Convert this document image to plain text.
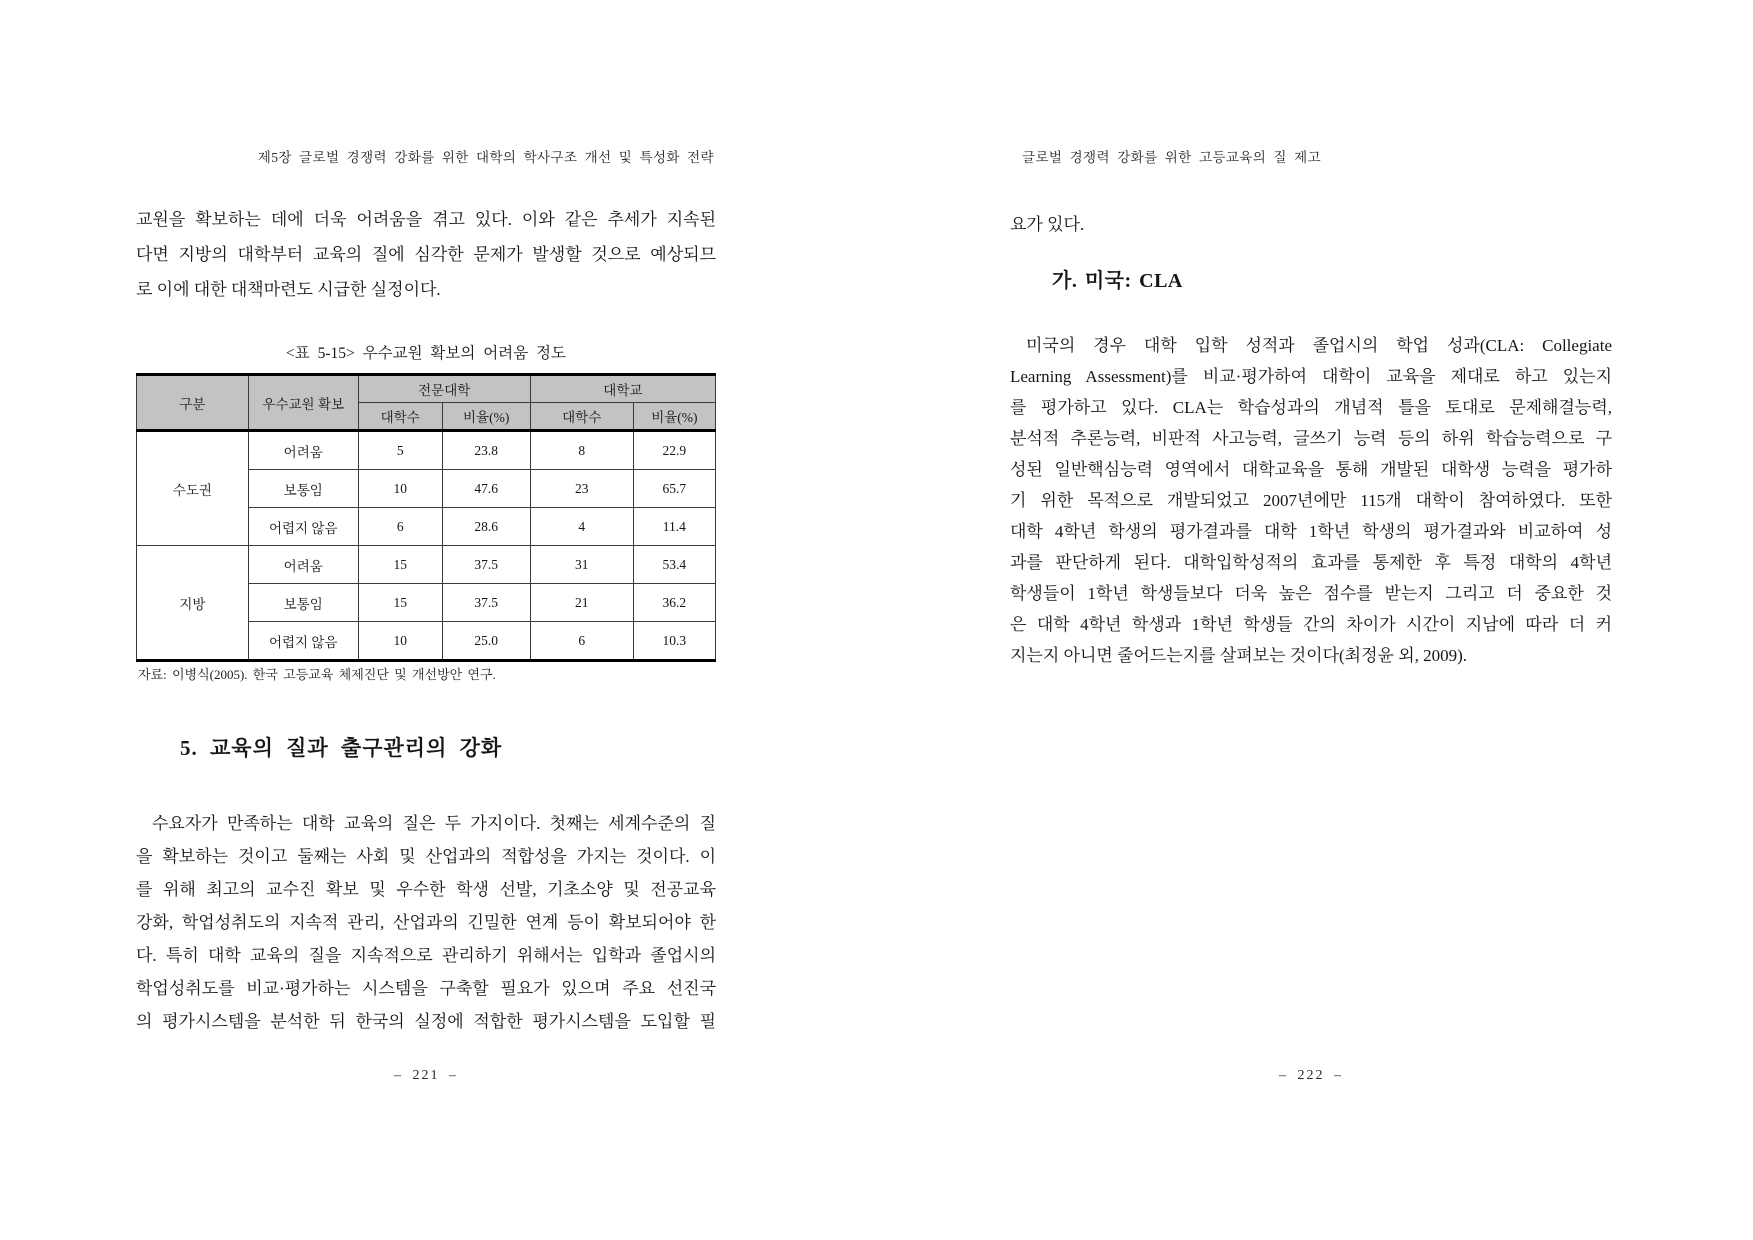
제5장 글로벌 경쟁력 강화를 위한 대학의 학사구조 개선 및 특성화 전략
교원을 확보하는 데에 더욱 어려움을 겪고 있다. 이와 같은 추세가 지속된
다면 지방의 대학부터 교육의 질에 심각한 문제가 발생할 것으로 예상되므
로 이에 대한 대책마련도 시급한 실정이다.
<표 5-15> 우수교원 확보의 어려움 정도
구분	우수교원 확보	전문대학		대학교	
		대학수	비율(%)	대학수	비율(%)
수도권	어려움	5	23.8	8	22.9
	보통임	10	47.6	23	65.7
	어렵지 않음	6	28.6	4	11.4
지방	어려움	15	37.5	31	53.4
	보통임	15	37.5	21	36.2
	어렵지 않음	10	25.0	6	10.3
자료: 이병식(2005). 한국 고등교육 체제진단 및 개선방안 연구.
5. 교육의 질과 출구관리의 강화
수요자가 만족하는 대학 교육의 질은 두 가지이다. 첫째는 세계수준의 질
을 확보하는 것이고 둘째는 사회 및 산업과의 적합성을 가지는 것이다. 이
를 위해 최고의 교수진 확보 및 우수한 학생 선발, 기초소양 및 전공교육
강화, 학업성취도의 지속적 관리, 산업과의 긴밀한 연계 등이 확보되어야 한
다. 특히 대학 교육의 질을 지속적으로 관리하기 위해서는 입학과 졸업시의
학업성취도를 비교·평가하는 시스템을 구축할 필요가 있으며 주요 선진국
의 평가시스템을 분석한 뒤 한국의 실정에 적합한 평가시스템을 도입할 필
– 221 –
글로벌 경쟁력 강화를 위한 고등교육의 질 제고
요가 있다.
가. 미국: CLA
미국의 경우 대학 입학 성적과 졸업시의 학업 성과(CLA: Collegiate
Learning Assessment)를 비교·평가하여 대학이 교육을 제대로 하고 있는지
를 평가하고 있다. CLA는 학습성과의 개념적 틀을 토대로 문제해결능력,
분석적 추론능력, 비판적 사고능력, 글쓰기 능력 등의 하위 학습능력으로 구
성된 일반핵심능력 영역에서 대학교육을 통해 개발된 대학생 능력을 평가하
기 위한 목적으로 개발되었고 2007년에만 115개 대학이 참여하였다. 또한
대학 4학년 학생의 평가결과를 대학 1학년 학생의 평가결과와 비교하여 성
과를 판단하게 된다. 대학입학성적의 효과를 통제한 후 특정 대학의 4학년
학생들이 1학년 학생들보다 더욱 높은 점수를 받는지 그리고 더 중요한 것
은 대학 4학년 학생과 1학년 학생들 간의 차이가 시간이 지남에 따라 더 커
지는지 아니면 줄어드는지를 살펴보는 것이다(최정윤 외, 2009).
– 222 –
